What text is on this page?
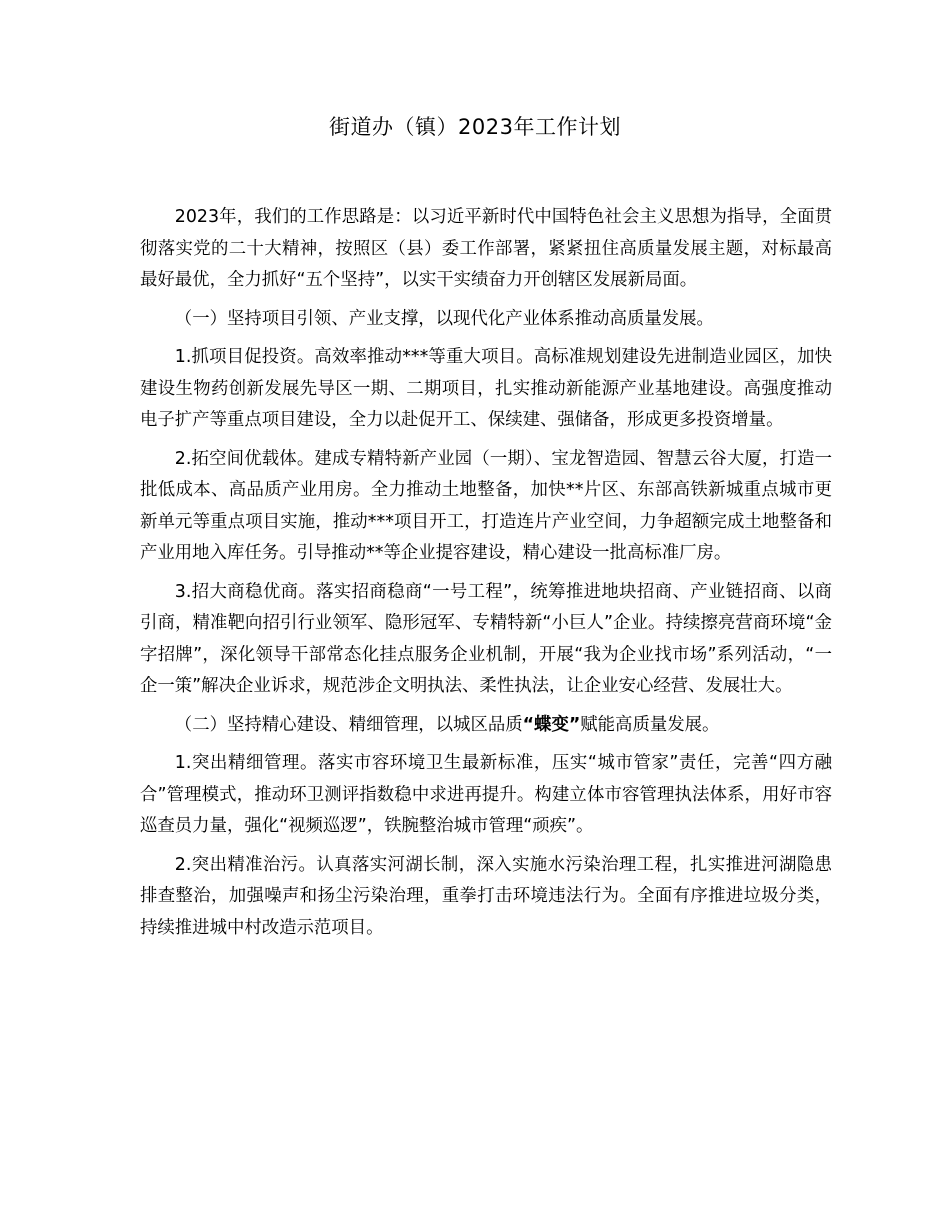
街道办（镇）2023年工作计划

2023年，我们的工作思路是：以习近平新时代中国特色社会主义思想为指导，全面贯彻落实党的二十大精神，按照区（县）委工作部署，紧紧扭住高质量发展主题，对标最高最好最优，全力抓好“五个坚持”，以实干实绩奋力开创辖区发展新局面。

（一）坚持项目引领、产业支撑，以现代化产业体系推动高质量发展。

1.抓项目促投资。高效率推动***等重大项目。高标准规划建设先进制造业园区，加快建设生物药创新发展先导区一期、二期项目，扎实推动新能源产业基地建设。高强度推动电子扩产等重点项目建设，全力以赴促开工、保续建、强储备，形成更多投资增量。

2.拓空间优载体。建成专精特新产业园（一期）、宝龙智造园、智慧云谷大厦，打造一批低成本、高品质产业用房。全力推动土地整备，加快**片区、东部高铁新城重点城市更新单元等重点项目实施，推动***项目开工，打造连片产业空间，力争超额完成土地整备和产业用地入库任务。引导推动**等企业提容建设，精心建设一批高标准厂房。

3.招大商稳优商。落实招商稳商“一号工程”，统筹推进地块招商、产业链招商、以商引商，精准靶向招引行业领军、隐形冠军、专精特新“小巨人”企业。持续擦亮营商环境“金字招牌”，深化领导干部常态化挂点服务企业机制，开展“我为企业找市场”系列活动，“一企一策”解决企业诉求，规范涉企文明执法、柔性执法，让企业安心经营、发展壮大。

（二）坚持精心建设、精细管理，以城区品质“蝶变”赋能高质量发展。

1.突出精细管理。落实市容环境卫生最新标准，压实“城市管家”责任，完善“四方融合”管理模式，推动环卫测评指数稳中求进再提升。构建立体市容管理执法体系，用好市容巡查员力量，强化“视频巡逻”，铁腕整治城市管理“顽疾”。

2.突出精准治污。认真落实河湖长制，深入实施水污染治理工程，扎实推进河湖隐患排查整治，加强噪声和扬尘污染治理，重拳打击环境违法行为。全面有序推进垃圾分类，持续推进城中村改造示范项目。
